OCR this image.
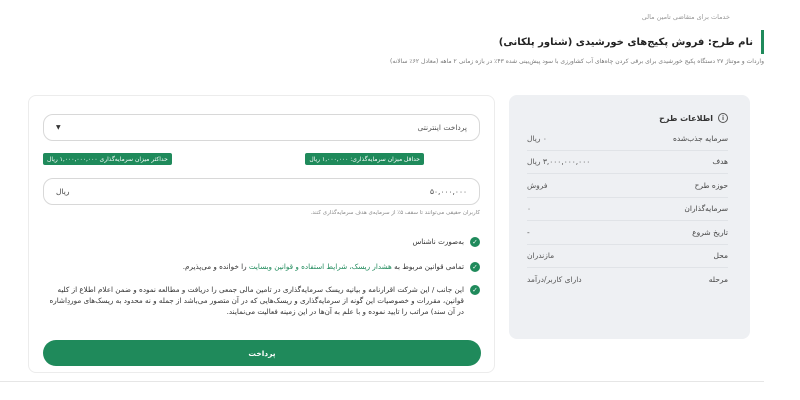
خدمات برای متقاضی تامین مالی
نام طرح: فروش پکیج‌های خورشیدی (شناور پلکانی)
واردات و موتناژ ۲۷ دستگاه پکیج خورشیدی برای برقی کردن چاه‌های آب کشاورزی با سود پیش‌بینی شده ۴۳٪ در بازه زمانی ۲ ماهه (معادل ۶۲٪ سالانه)
i
اطلاعات طرح
سرمایه جذب‌شده
۰ ریال
هدف
۳,۰۰۰,۰۰۰,۰۰۰ ریال
حوزه طرح
فروش
سرمایه‌گذاران
۰
تاریخ شروع
-
محل
مازندران
مرحله
دارای کاربر/درآمد
پرداخت اینترنتی
▼
حداقل میزان سرمایه‌گذاری: ۱,۰۰۰,۰۰۰ ریال
حداکثر میزان سرمایه‌گذاری ۱,۰۰۰,۰۰۰,۰۰۰ ریال
۵۰,۰۰۰,۰۰۰
ریال
کاربران حقیقی می‌توانند تا سقف ۵٪ از سرمایه‌ی هدف سرمایه‌گذاری کنند.
✓
به‌صورت ناشناس
✓
تمامی قوانین مربوط به هشدار ریسک، شرایط استفاده و قوانین وبسایت را خوانده و می‌پذیرم.
✓
این جانب / این شرکت اقرارنامه و بیانیه ریسک سرمایه‌گذاری در تامین مالی جمعی را دریافت و مطالعه نموده و ضمن اعلام اطلاع از کلیه قوانین، مقررات و خصوصیات این گونه از سرمایه‌گذاری و ریسک‌هایی که در آن متصور می‌باشد از جمله و نه محدود به ریسک‌های موردِاشاره در آن سند) مراتب را تایید نموده و با علم به آن‌ها در این زمینه فعالیت می‌نمایند.
پرداخت
